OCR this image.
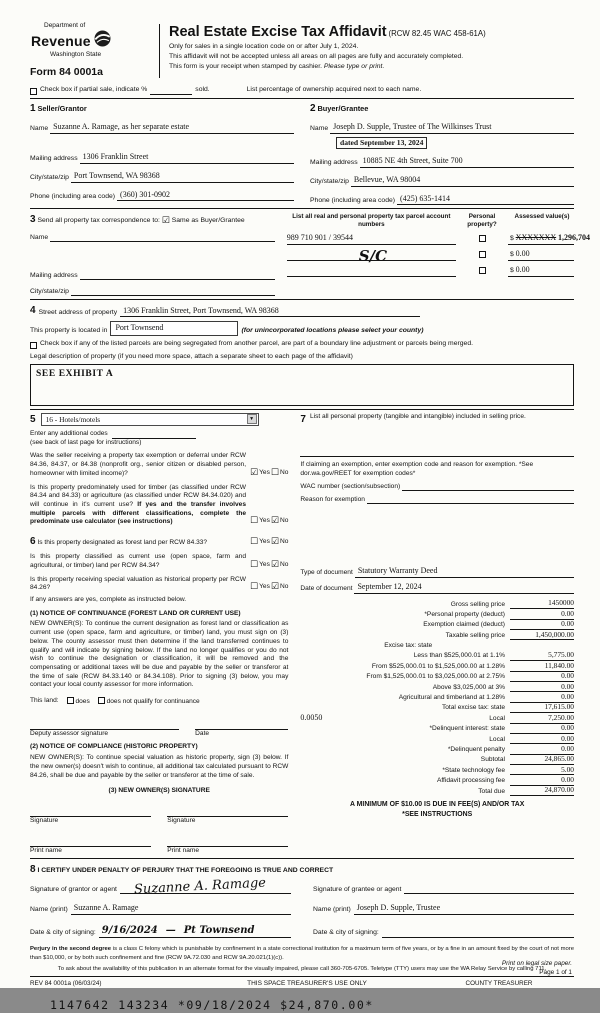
Department of
Revenue
Washington State
Form 84 0001a
Real Estate Excise Tax Affidavit (RCW 82.45 WAC 458-61A)
Only for sales in a single location code on or after July 1, 2024.
This affidavit will not be accepted unless all areas on all pages are fully and accurately completed.
This form is your receipt when stamped by cashier. Please type or print.
Check box if partial sale, indicate %	sold.	List percentage of ownership acquired next to each name.
1 Seller/Grantor
Name Suzanne A. Ramage, as her separate estate
Mailing address 1306 Franklin Street
City/state/zip Port Townsend, WA 98368
Phone (including area code) (360) 301-0902
2 Buyer/Grantee
Name Joseph D. Supple, Trustee of The Wilkinses Trust
dated September 13, 2024
Mailing address 10885 NE 4th Street, Suite 700
City/state/zip Bellevue, WA 98004
Phone (including area code) (425) 635-1414
3 Send all property tax correspondence to: ☑ Same as Buyer/Grantee
Name
Mailing address
City/state/zip
List all real and personal property tax parcel account numbers
Personal property?
Assessed value(s)
989 710 901 / 39544	$ XXXXXXX 1,296,704
$ 0.00
$ 0.00
S/C
4 Street address of property 1306 Franklin Street, Port Townsend, WA 98368
This property is located in	Port Townsend	(for unincorporated locations please select your county)
Check box if any of the listed parcels are being segregated from another parcel, are part of a boundary line adjustment or parcels being merged.
Legal description of property (if you need more space, attach a separate sheet to each page of the affidavit)
SEE EXHIBIT A
5 16 - Hotels/motels	▼
Enter any additional codes
(see back of last page for instructions)
Was the seller receiving a property tax exemption or deferral under RCW 84.36, 84.37, or 84.38 (nonprofit org., senior citizen or disabled person, homeowner with limited income)?	☑ Yes ☐ No
Is this property predominately used for timber (as classified under RCW 84.34 and 84.33) or agriculture (as classified under RCW 84.34.020) and will continue in it's current use? If yes and the transfer involves multiple parcels with different classifications, complete the predominate use calculator (see instructions)	☐ Yes ☑ No
6 Is this property designated as forest land per RCW 84.33?	☐ Yes ☑ No
Is this property classified as current use (open space, farm and agricultural, or timber) land per RCW 84.34?	☐ Yes ☑ No
Is this property receiving special valuation as historical property per RCW 84.26?	☐ Yes ☑ No
If any answers are yes, complete as instructed below.
(1) NOTICE OF CONTINUANCE (FOREST LAND OR CURRENT USE)
NEW OWNER(S): To continue the current designation as forest land or classification as current use (open space, farm and agriculture, or timber) land, you must sign on (3) below. The county assessor must then determine if the land transferred continues to qualify and will indicate by signing below. If the land no longer qualifies or you do not wish to continue the designation or classification, it will be removed and the compensating or additional taxes will be due and payable by the seller or transferor at the time of sale (RCW 84.33.140 or 84.34.108). Prior to signing (3) below, you may contact your local county assessor for more information.
This land:	does	does not qualify for continuance
Deputy assessor signature	Date
(2) NOTICE OF COMPLIANCE (HISTORIC PROPERTY)
NEW OWNER(S): To continue special valuation as historic property, sign (3) below. If the new owner(s) doesn't wish to continue, all additional tax calculated pursuant to RCW 84.26, shall be due and payable by the seller or transferor at the time of sale.
(3) NEW OWNER(S) SIGNATURE
Signature	Signature
Print name	Print name
7 List all personal property (tangible and intangible) included in selling price.
If claiming an exemption, enter exemption code and reason for exemption. *See dor.wa.gov/REET for exemption codes*
WAC number (section/subsection)
Reason for exemption
Type of document Statutory Warranty Deed
Date of document September 12, 2024
Gross selling price	1450000
*Personal property (deduct)	0.00
Exemption claimed (deduct)	0.00
Taxable selling price	1,450,000.00
Excise tax: state
Less than $525,000.01 at 1.1%	5,775.00
From $525,000.01 to $1,525,000.00 at 1.28%	11,840.00
From $1,525,000.01 to $3,025,000.00 at 2.75%	0.00
Above $3,025,000 at 3%	0.00
Agricultural and timberland at 1.28%	0.00
Total excise tax: state	17,615.00
0.0050	Local	7,250.00
*Delinquent interest: state	0.00
Local	0.00
*Delinquent penalty	0.00
Subtotal	24,865.00
*State technology fee	5.00
Affidavit processing fee	0.00
Total due	24,870.00
A MINIMUM OF $10.00 IS DUE IN FEE(S) AND/OR TAX
*SEE INSTRUCTIONS
8 I CERTIFY UNDER PENALTY OF PERJURY THAT THE FOREGOING IS TRUE AND CORRECT
Signature of grantor or agent Suzanne A. Ramage	Signature of grantee or agent
Name (print) Suzanne A. Ramage	Name (print) Joseph D. Supple, Trustee
Date & city of signing: 9/16/2024 — Pt Townsend	Date & city of signing:
Perjury in the second degree is a class C felony which is punishable by confinement in a state correctional institution for a maximum term of five years, or by a fine in an amount fixed by the court of not more than $10,000, or by both such confinement and fine (RCW 9A.72.030 and RCW 9A.20.021(1)(c)).
To ask about the availability of this publication in an alternate format for the visually impaired, please call 360-705-6705. Teletype (TTY) users may use the WA Relay Service by calling 711.
REV 84 0001a (06/03/24)	THIS SPACE TREASURER'S USE ONLY	COUNTY TREASURER
1147642 143234 *09/18/2024 $24,870.00*
Print on legal size paper.
Page 1 of 1
